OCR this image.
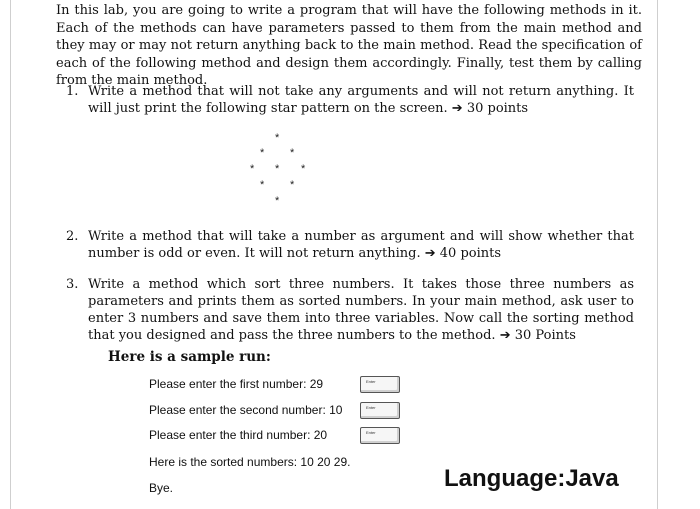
In this lab, you are going to write a program that will have the following methods in it. Each of the methods can have parameters passed to them from the main method and they may or may not return anything back to the main method. Read the specification of each of the following method and design them accordingly. Finally, test them by calling from the main method.

1. Write a method that will not take any arguments and will not return anything. It will just print the following star pattern on the screen. ➔ 30 points
*
* *
* * *
* *
*
2. Write a method that will take a number as argument and will show whether that number is odd or even. It will not return anything. ➔ 40 points
3. Write a method which sort three numbers. It takes those three numbers as parameters and prints them as sorted numbers. In your main method, ask user to enter 3 numbers and save them into three variables. Now call the sorting method that you designed and pass the three numbers to the method. ➔ 30 Points

Here is a sample run:

Please enter the first number: 29	Enter
Please enter the second number: 10	Enter
Please enter the third number: 20	Enter
Here is the sorted numbers: 10 20 29.
Bye.	Language:Java
